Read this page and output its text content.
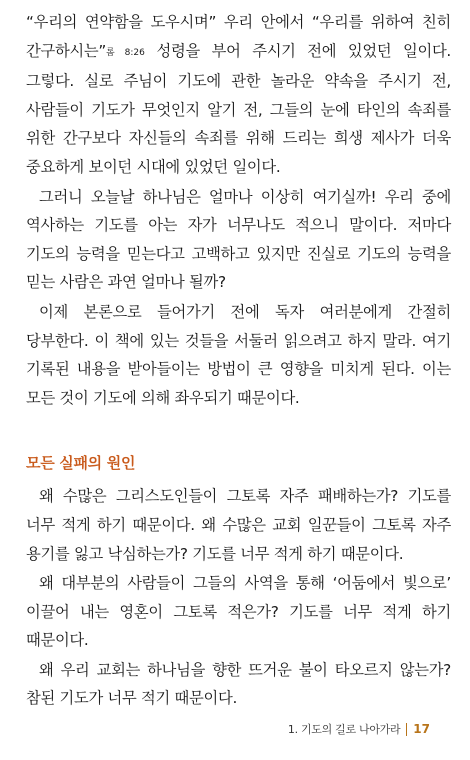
“우리의 연약함을 도우시며” 우리 안에서 “우리를 위하여 친히 간구하시는”롬 8:26 성령을 부어 주시기 전에 있었던 일이다. 그렇다. 실로 주님이 기도에 관한 놀라운 약속을 주시기 전, 사람들이 기도가 무엇인지 알기 전, 그들의 눈에 타인의 속죄를 위한 간구보다 자신들의 속죄를 위해 드리는 희생 제사가 더욱 중요하게 보이던 시대에 있었던 일이다.

그러니 오늘날 하나님은 얼마나 이상히 여기실까! 우리 중에 역사하는 기도를 아는 자가 너무나도 적으니 말이다. 저마다 기도의 능력을 믿는다고 고백하고 있지만 진실로 기도의 능력을 믿는 사람은 과연 얼마나 될까?

이제 본론으로 들어가기 전에 독자 여러분에게 간절히 당부한다. 이 책에 있는 것들을 서둘러 읽으려고 하지 말라. 여기 기록된 내용을 받아들이는 방법이 큰 영향을 미치게 된다. 이는 모든 것이 기도에 의해 좌우되기 때문이다.

모든 실패의 원인

왜 수많은 그리스도인들이 그토록 자주 패배하는가? 기도를 너무 적게 하기 때문이다. 왜 수많은 교회 일꾼들이 그토록 자주 용기를 잃고 낙심하는가? 기도를 너무 적게 하기 때문이다.

왜 대부분의 사람들이 그들의 사역을 통해 ‘어둠에서 빛으로’ 이끌어 내는 영혼이 그토록 적은가? 기도를 너무 적게 하기 때문이다.

왜 우리 교회는 하나님을 향한 뜨거운 불이 타오르지 않는가? 참된 기도가 너무 적기 때문이다.

1. 기도의 길로 나아가라 17
